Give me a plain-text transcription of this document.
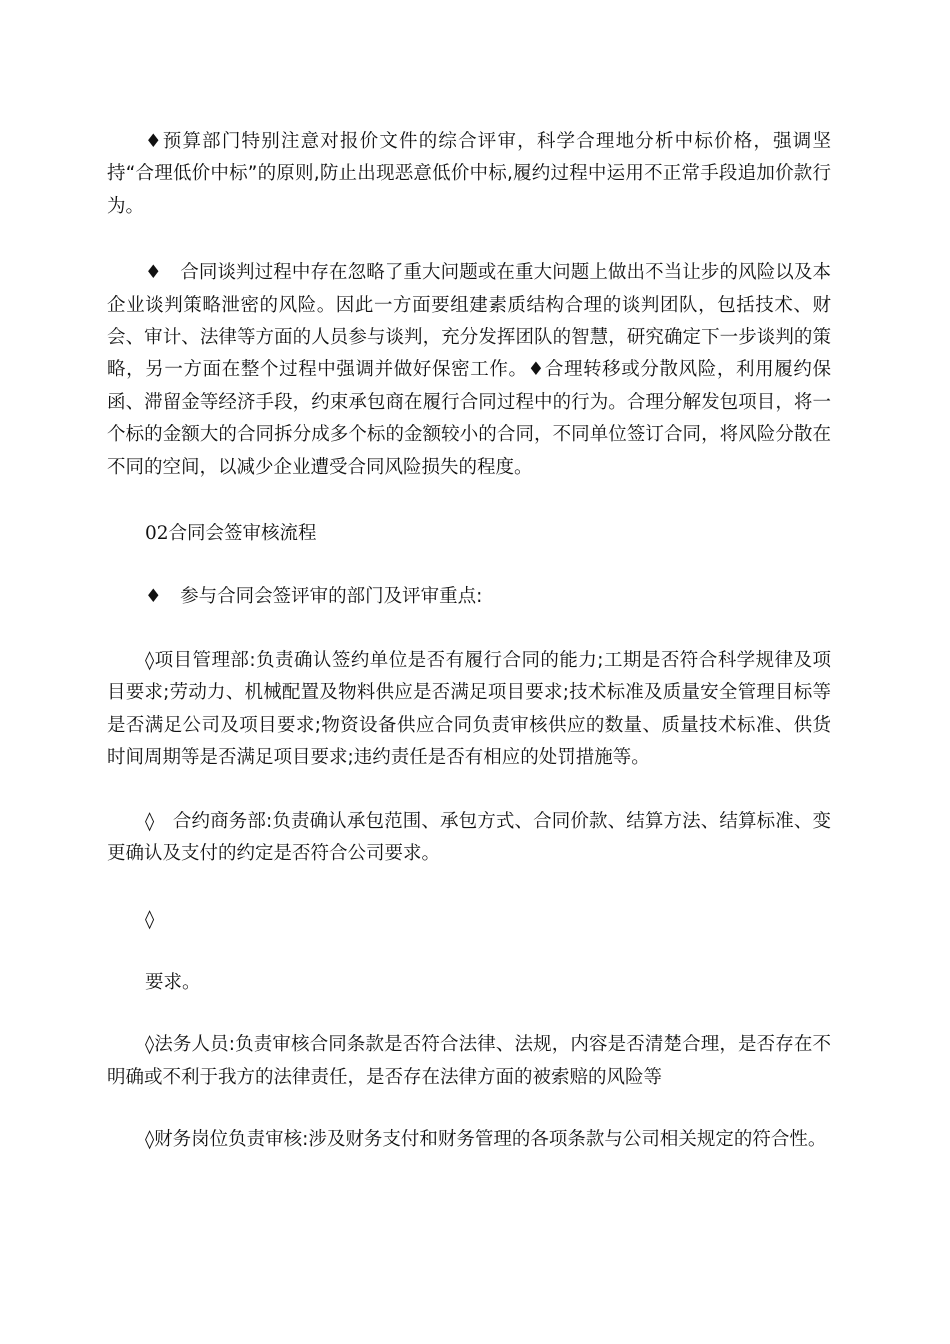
♦预算部门特别注意对报价文件的综合评审，科学合理地分析中标价格，强调坚持“合理低价中标”的原则,防止出现恶意低价中标,履约过程中运用不正常手段追加价款行为。

♦　合同谈判过程中存在忽略了重大问题或在重大问题上做出不当让步的风险以及本企业谈判策略泄密的风险。因此一方面要组建素质结构合理的谈判团队，包括技术、财会、审计、法律等方面的人员参与谈判，充分发挥团队的智慧，研究确定下一步谈判的策略，另一方面在整个过程中强调并做好保密工作。♦合理转移或分散风险，利用履约保函、滞留金等经济手段，约束承包商在履行合同过程中的行为。合理分解发包项目，将一个标的金额大的合同拆分成多个标的金额较小的合同，不同单位签订合同，将风险分散在不同的空间，以减少企业遭受合同风险损失的程度。

02合同会签审核流程

♦　参与合同会签评审的部门及评审重点:

◊项目管理部:负责确认签约单位是否有履行合同的能力;工期是否符合科学规律及项目要求;劳动力、机械配置及物料供应是否满足项目要求;技术标准及质量安全管理目标等是否满足公司及项目要求;物资设备供应合同负责审核供应的数量、质量技术标准、供货时间周期等是否满足项目要求;违约责任是否有相应的处罚措施等。

◊　合约商务部:负责确认承包范围、承包方式、合同价款、结算方法、结算标准、变更确认及支付的约定是否符合公司要求。

◊

要求。

◊法务人员:负责审核合同条款是否符合法律、法规，内容是否清楚合理，是否存在不明确或不利于我方的法律责任，是否存在法律方面的被索赔的风险等

◊财务岗位负责审核:涉及财务支付和财务管理的各项条款与公司相关规定的符合性。
